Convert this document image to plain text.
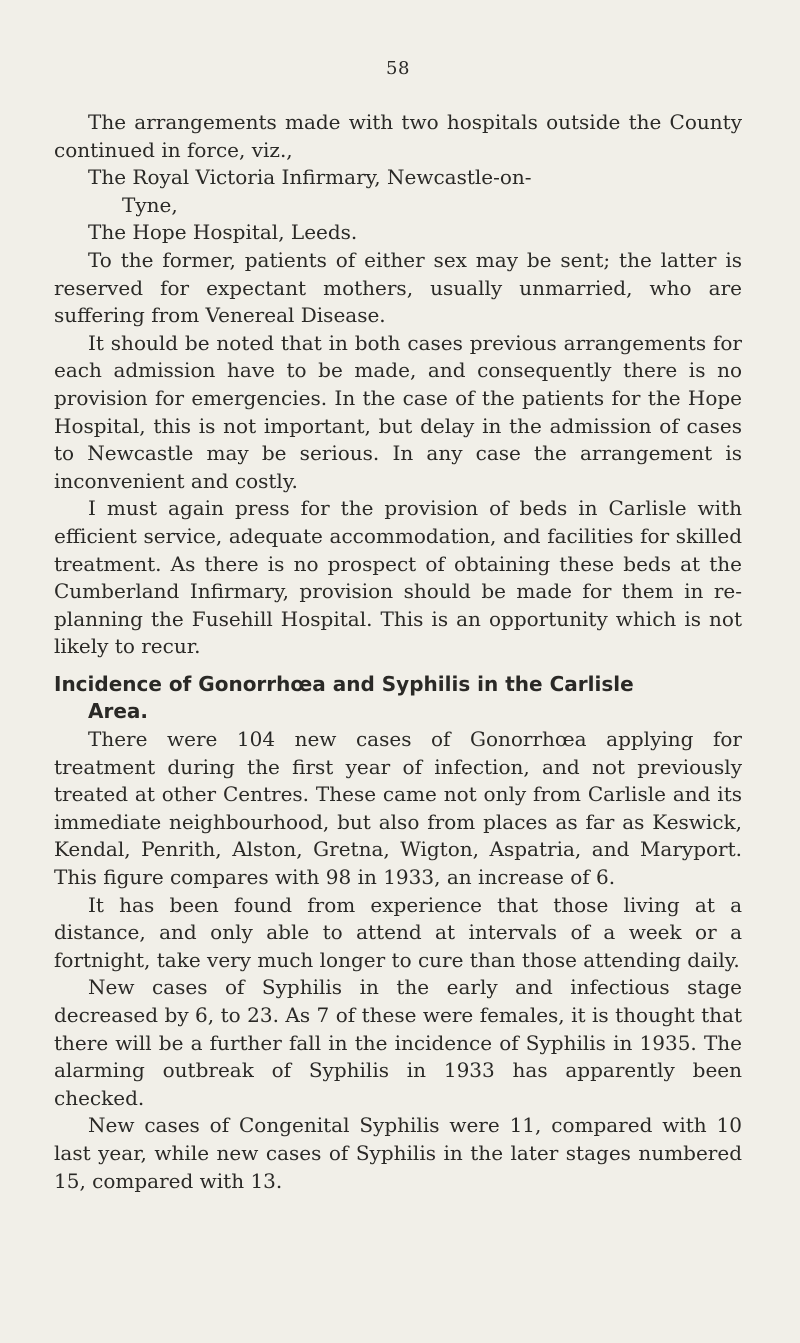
58

The arrangements made with two hospitals outside the County continued in force, viz.,

The Royal Victoria Infirmary, Newcastle-on-

Tyne,

The Hope Hospital, Leeds.

To the former, patients of either sex may be sent; the latter is reserved for expectant mothers, usually unmarried, who are suffering from Venereal Disease.

It should be noted that in both cases previous arrangements for each admission have to be made, and consequently there is no provision for emergencies. In the case of the patients for the Hope Hospital, this is not important, but delay in the admission of cases to Newcastle may be serious. In any case the arrangement is inconvenient and costly.

I must again press for the provision of beds in Carlisle with efficient service, adequate accommodation, and facilities for skilled treatment. As there is no prospect of obtaining these beds at the Cumberland Infirmary, provision should be made for them in re-planning the Fusehill Hospital. This is an opportunity which is not likely to recur.

Incidence of Gonorrhœa and Syphilis in the Carlisle
Area.

There were 104 new cases of Gonorrhœa applying for treatment during the first year of infection, and not previously treated at other Centres. These came not only from Carlisle and its immediate neighbourhood, but also from places as far as Keswick, Kendal, Penrith, Alston, Gretna, Wigton, Aspatria, and Maryport. This figure compares with 98 in 1933, an increase of 6.

It has been found from experience that those living at a distance, and only able to attend at intervals of a week or a fortnight, take very much longer to cure than those attending daily.

New cases of Syphilis in the early and infectious stage decreased by 6, to 23. As 7 of these were females, it is thought that there will be a further fall in the incidence of Syphilis in 1935. The alarming outbreak of Syphilis in 1933 has apparently been checked.

New cases of Congenital Syphilis were 11, compared with 10 last year, while new cases of Syphilis in the later stages numbered 15, compared with 13.
